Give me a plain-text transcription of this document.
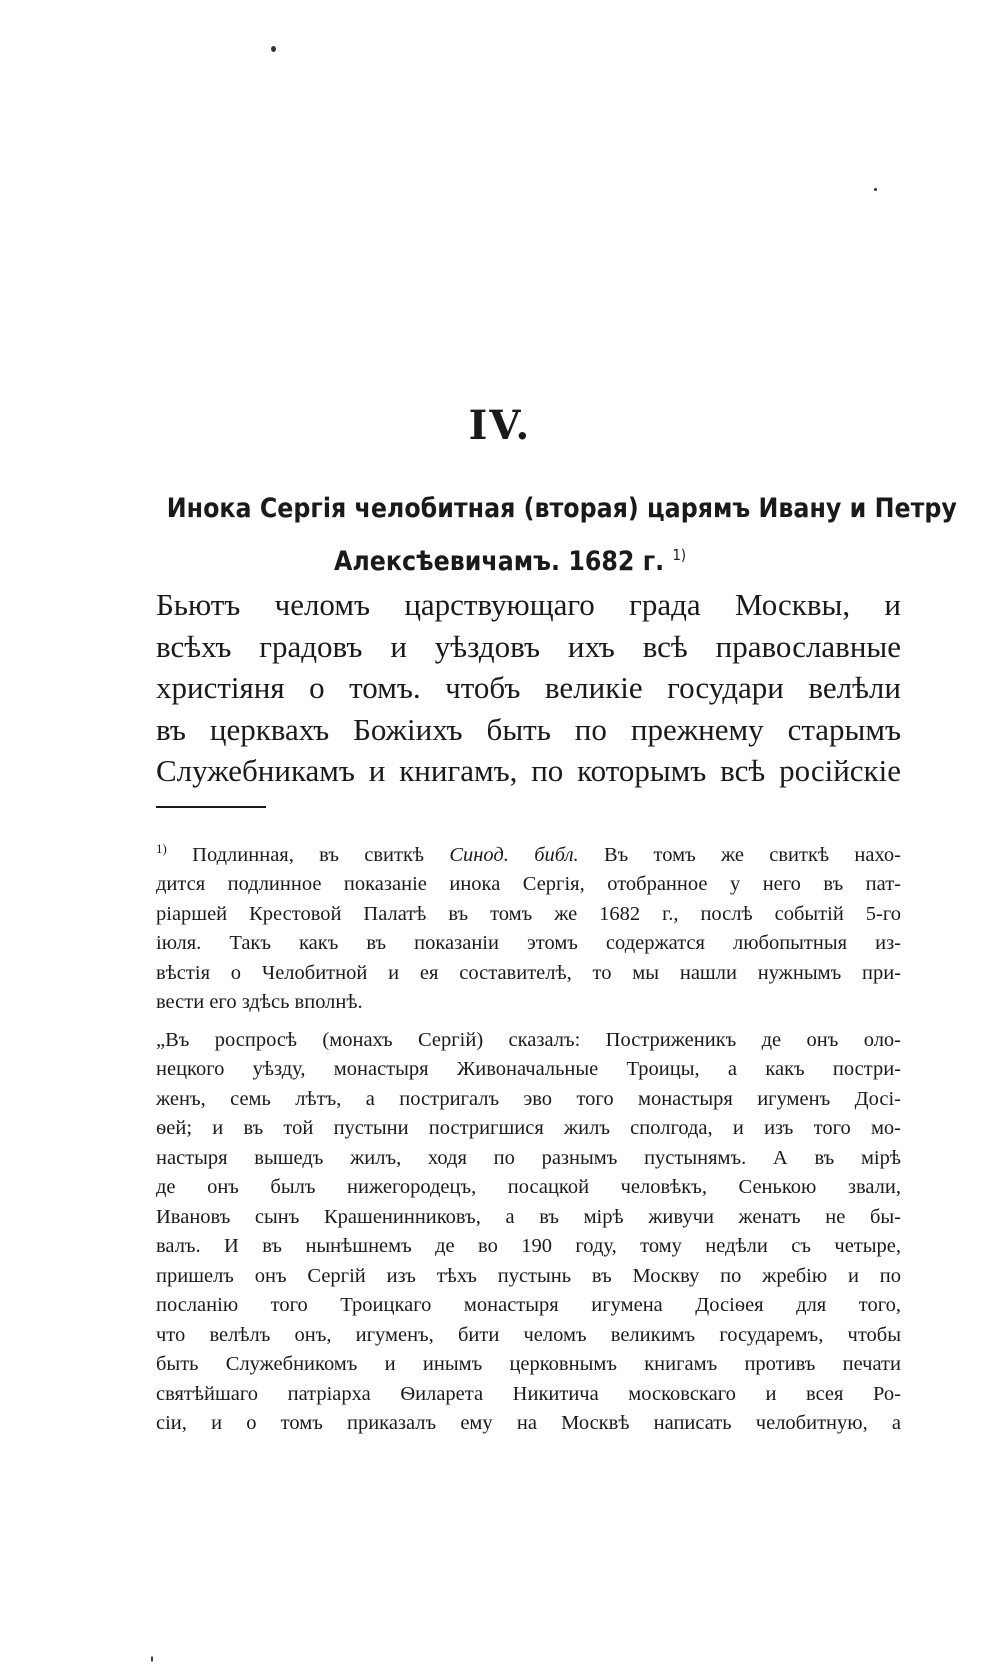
IV.
Инока Сергія челобитная (вторая) царямъ Ивану и Петру
Алексѣевичамъ. 1682 г. $^{1)}$
Бьютъ челомъ царствующаго града Москвы, и
всѣхъ градовъ и уѣздовъ ихъ всѣ православные
христіяня о томъ. чтобъ великіе государи велѣли
въ церквахъ Божіихъ быть по прежнему старымъ
Служебникамъ и книгамъ, по которымъ всѣ російскіе
$^{1)}$ Подлинная, въ свиткѣ Синод. библ. Въ томъ же свиткѣ нахо-
дится подлинное показаніе инока Сергія, отобранное у него въ пат-
ріаршей Крестовой Палатѣ въ томъ же 1682 г., послѣ событій 5-го
іюля. Такъ какъ въ показаніи этомъ содержатся любопытныя из-
вѣстія о Челобитной и ея составителѣ, то мы нашли нужнымъ при-
вести его здѣсь вполнѣ.
„Въ роспросѣ (монахъ Сергій) сказалъ: Постриженикъ де онъ оло-
нецкого уѣзду, монастыря Живоначальные Троицы, а какъ постри-
женъ, семь лѣтъ, а постригалъ эво того монастыря игуменъ Досі-
ѳей; и въ той пустыни постригшися жилъ сполгода, и изъ того мо-
настыря вышедъ жилъ, ходя по разнымъ пустынямъ. А въ мірѣ
де онъ былъ нижегородецъ, посацкой человѣкъ, Сенькою звали,
Ивановъ сынъ Крашенинниковъ, а въ мірѣ живучи женатъ не бы-
валъ. И въ нынѣшнемъ де во 190 году, тому недѣли съ четыре,
пришелъ онъ Сергій изъ тѣхъ пустынь въ Москву по жребію и по
посланію того Троицкаго монастыря игумена Досіѳея для того,
что велѣлъ онъ, игуменъ, бити челомъ великимъ государемъ, чтобы
быть Служебникомъ и инымъ церковнымъ книгамъ противъ печати
святѣйшаго патріарха Ѳиларета Никитича московскаго и всея Ро-
сіи, и о томъ приказалъ ему на Москвѣ написать челобитную, а
